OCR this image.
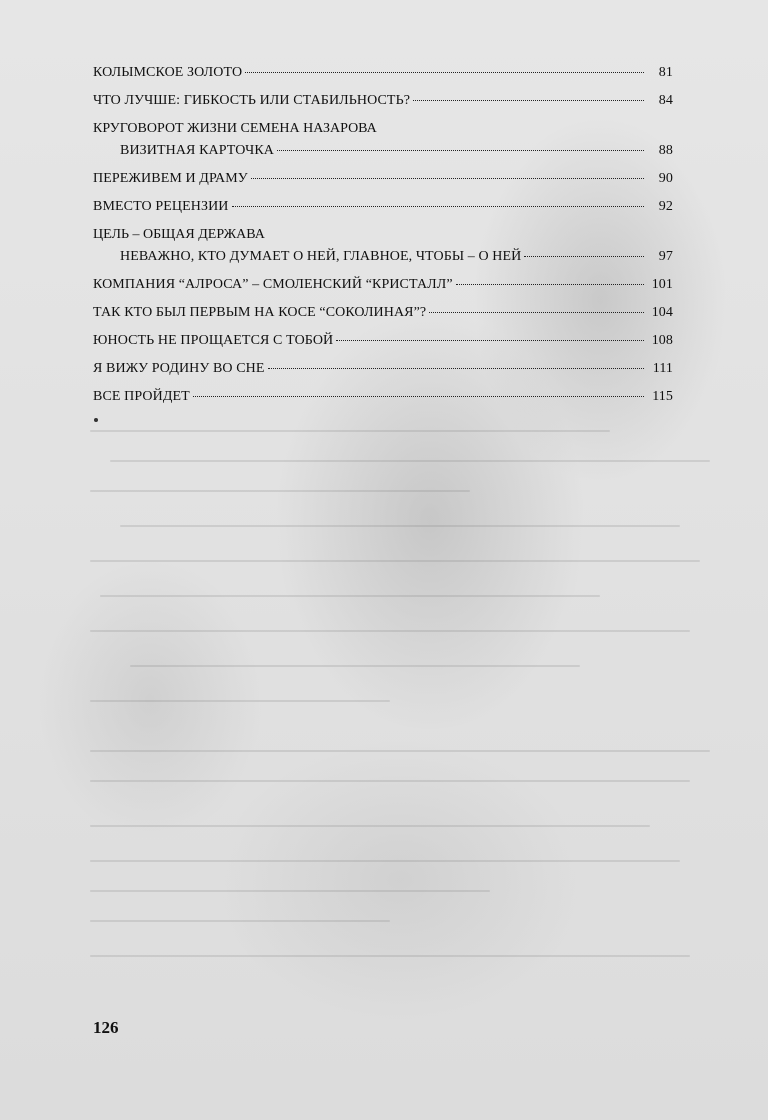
КОЛЫМСКОЕ ЗОЛОТО	81
ЧТО ЛУЧШЕ: ГИБКОСТЬ ИЛИ СТАБИЛЬНОСТЬ?	84
КРУГОВОРОТ ЖИЗНИ СЕМЕНА НАЗАРОВА
ВИЗИТНАЯ КАРТОЧКА	88
ПЕРЕЖИВЕМ И ДРАМУ	90
ВМЕСТО РЕЦЕНЗИИ	92
ЦЕЛЬ – ОБЩАЯ ДЕРЖАВА
НЕВАЖНО, КТО ДУМАЕТ О НЕЙ, ГЛАВНОЕ, ЧТОБЫ – О НЕЙ	97
КОМПАНИЯ “АЛРОСА” – СМОЛЕНСКИЙ “КРИСТАЛЛ”	101
ТАК КТО БЫЛ ПЕРВЫМ НА КОСЕ “СОКОЛИНАЯ”?	104
ЮНОСТЬ НЕ ПРОЩАЕТСЯ С ТОБОЙ	108
Я ВИЖУ РОДИНУ ВО СНЕ	111
ВСЕ ПРОЙДЕТ	115
126
